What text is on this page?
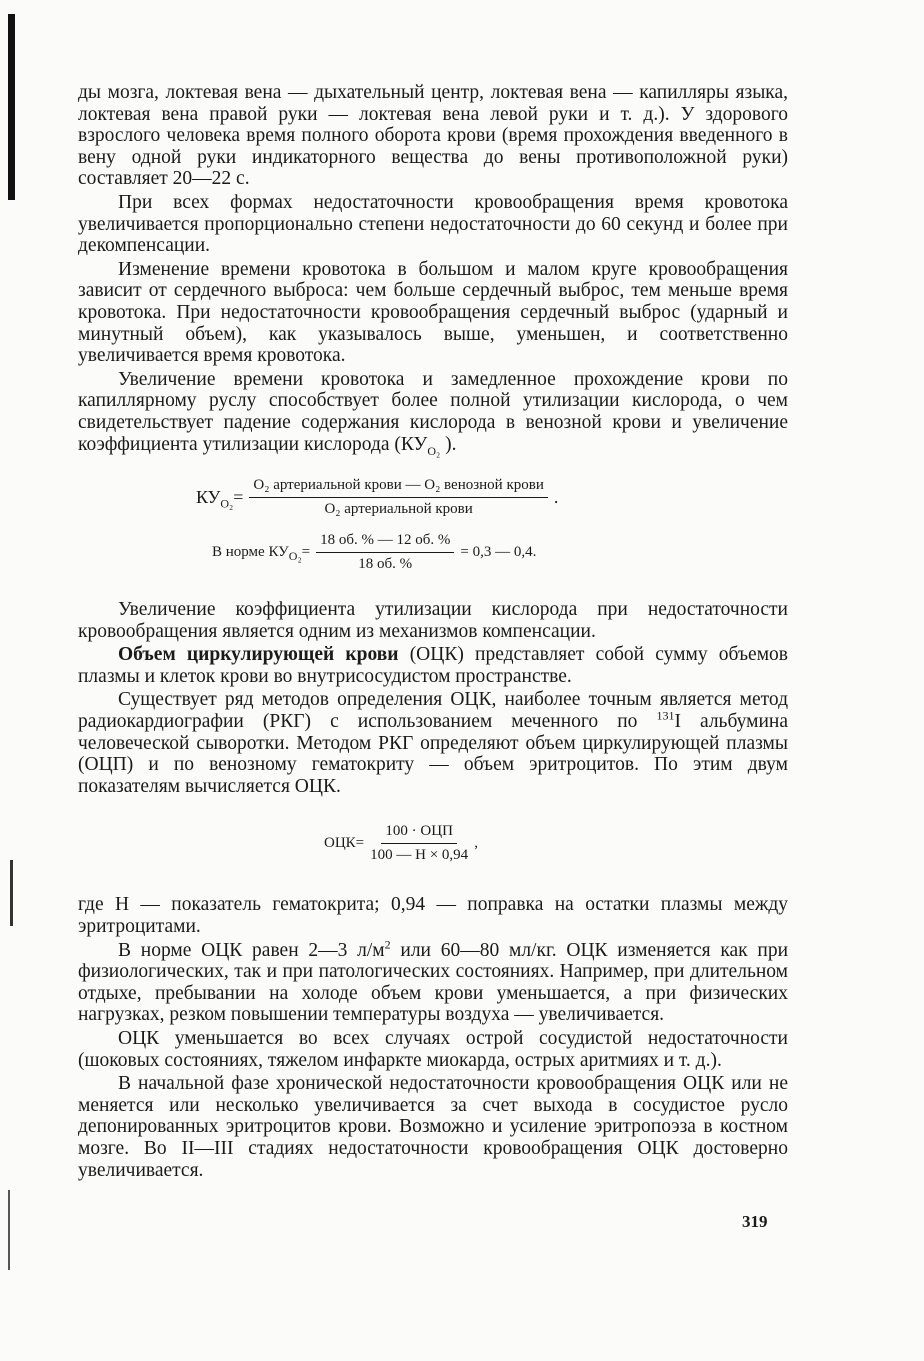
ды мозга, локтевая вена — дыхательный центр, локтевая вена — капилляры языка, локтевая вена правой руки — локтевая вена левой руки и т. д.). У здорового взрослого человека время полного оборота крови (время прохождения введенного в вену одной руки индикаторного вещества до вены противоположной руки) составляет 20—22 с.

При всех формах недостаточности кровообращения время кровотока увеличивается пропорционально степени недостаточности до 60 секунд и более при декомпенсации.

Изменение времени кровотока в большом и малом круге кровообращения зависит от сердечного выброса: чем больше сердечный выброс, тем меньше время кровотока. При недостаточности кровообращения сердечный выброс (ударный и минутный объем), как указывалось выше, уменьшен, и соответственно увеличивается время кровотока.

Увеличение времени кровотока и замедленное прохождение крови по капиллярному руслу способствует более полной утилизации кислорода, о чем свидетельствует падение содержания кислорода в венозной крови и увеличение коэффициента утилизации кислорода ($КУ_{O_2}$ ).

$КУ_{O_2} = \frac{\text{O₂ артериальной крови — O₂ венозной крови}}{\text{O₂ артериальной крови}}$ .
В норме $КУ_{O_2} = \frac{18 об. \% — 12 об. \%}{18 об. \%} = 0,3$ — 0,4.

Увеличение коэффициента утилизации кислорода при недостаточности кровообращения является одним из механизмов компенсации.

Объем циркулирующей крови (ОЦК) представляет собой сумму объемов плазмы и клеток крови во внутрисосудистом пространстве.

Существует ряд методов определения ОЦК, наиболее точным является метод радиокардиографии (РКГ) с использованием меченного по $^{131}$I альбумина человеческой сыворотки. Методом РКГ определяют объем циркулирующей плазмы (ОЦП) и по венозному гематокриту — объем эритроцитов. По этим двум показателям вычисляется ОЦК.

ОЦК = $\frac{\text{100 · ОЦП}}{100 — Н \times 0,94}$ ,

где Н — показатель гематокрита; 0,94 — поправка на остатки плазмы между эритроцитами.

В норме ОЦК равен 2—3 $л/м^2$ или 60—80 мл/кг. ОЦК изменяется как при физиологических, так и при патологических состояниях. Например, при длительном отдыхе, пребывании на холоде объем крови уменьшается, а при физических нагрузках, резком повышении температуры воздуха — увеличивается.

ОЦК уменьшается во всех случаях острой сосудистой недостаточности (шоковых состояниях, тяжелом инфаркте миокарда, острых аритмиях и т. д.).

В начальной фазе хронической недостаточности кровообращения ОЦК или не меняется или несколько увеличивается за счет выхода в сосудистое русло депонированных эритроцитов крови. Возможно и усиление эритропоэза в костном мозге. Во II—III стадиях недостаточности кровообращения ОЦК достоверно увеличивается.

319
